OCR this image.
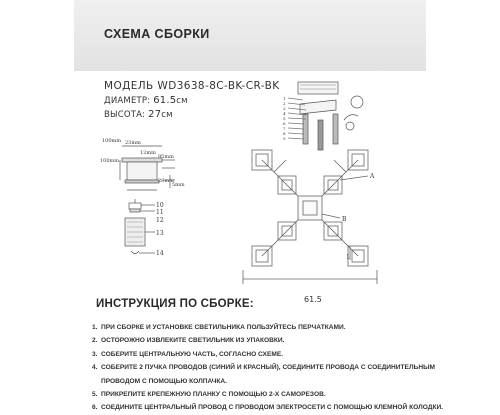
СХЕМА СБОРКИ
МОДЕЛЬ WD3638-8C-BK-CR-BK
ДИАМЕТР: 61.5см
ВЫСОТА: 27см
100mm 23mm
12mm
95mm
100mm
28mm
5mm
10
11
12
13
14
1
2
3
4
5
6
7
8
9
A
B
1
61.5
ИНСТРУКЦИЯ ПО СБОРКЕ:
1. ПРИ СБОРКЕ И УСТАНОВКЕ СВЕТИЛЬНИКА ПОЛЬЗУЙТЕСЬ ПЕРЧАТКАМИ.
2. ОСТОРОЖНО ИЗВЛЕКИТЕ СВЕТИЛЬНИК ИЗ УПАКОВКИ.
3. СОБЕРИТЕ ЦЕНТРАЛЬНУЮ ЧАСТЬ, СОГЛАСНО СХЕМЕ.
4. СОБЕРИТЕ 2 ПУЧКА ПРОВОДОВ (СИНИЙ И КРАСНЫЙ), СОЕДИНИТЕ ПРОВОДА С СОЕДИНИТЕЛЬНЫМ
ПРОВОДОМ С ПОМОЩЬЮ КОЛПАЧКА.
5. ПРИКРЕПИТЕ КРЕПЕЖНУЮ ПЛАНКУ С ПОМОЩЬЮ 2-Х САМОРЕЗОВ.
6. СОЕДИНИТЕ ЦЕНТРАЛЬНЫЙ ПРОВОД С ПРОВОДОМ ЭЛЕКТРОСЕТИ С ПОМОЩЬЮ КЛЕМНОЙ КОЛОДКИ.
